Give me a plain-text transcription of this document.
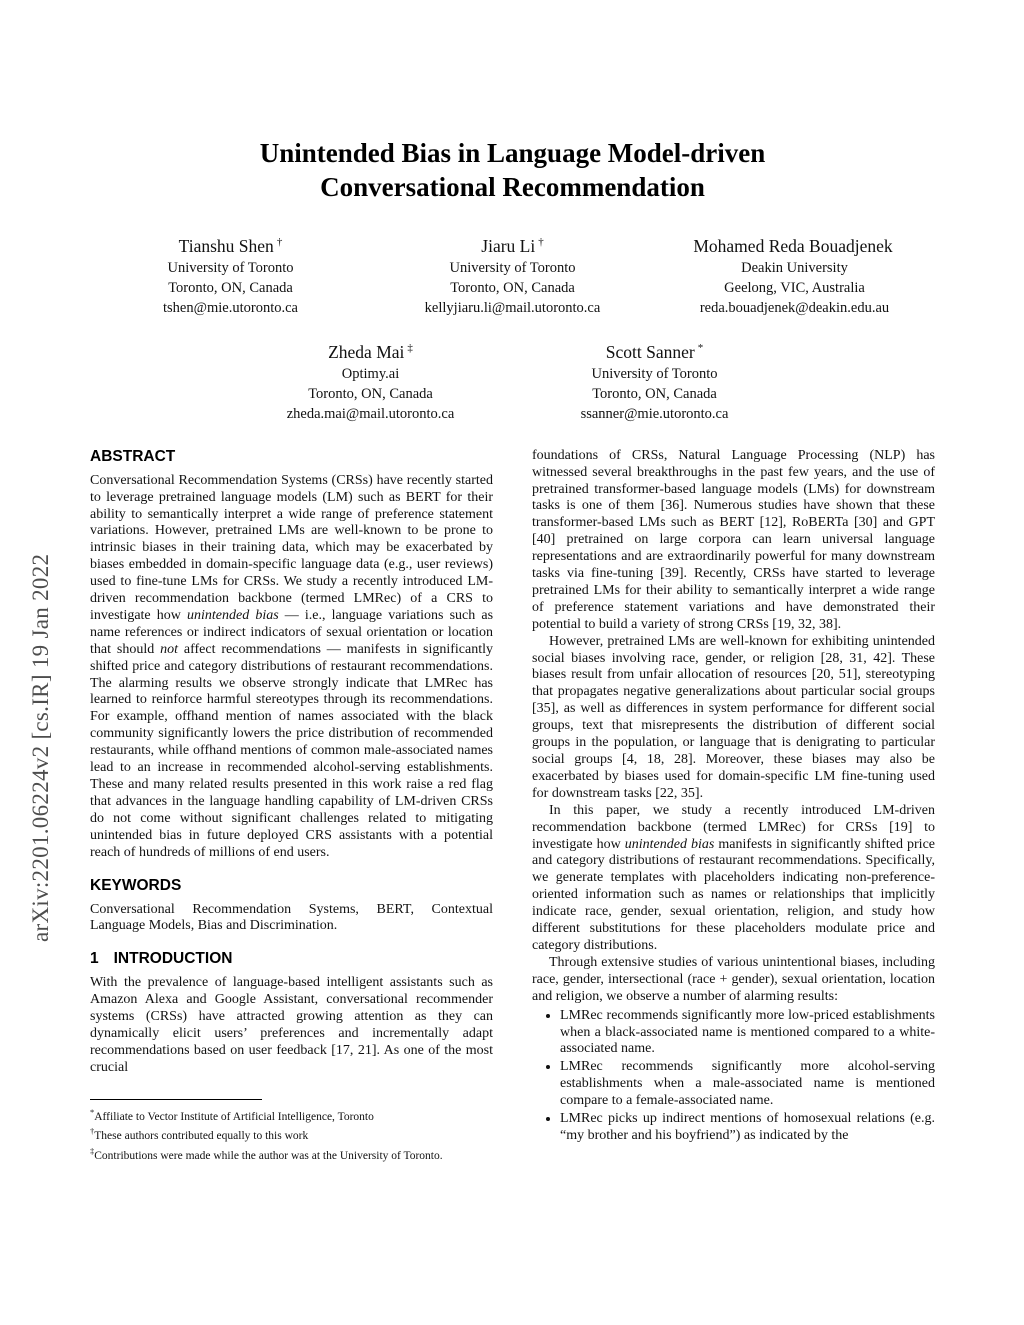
arXiv:2201.06224v2 [cs.IR] 19 Jan 2022
Unintended Bias in Language Model-driven
Conversational Recommendation
Tianshu Shen †
University of Toronto
Toronto, ON, Canada
tshen@mie.utoronto.ca
Jiaru Li †
University of Toronto
Toronto, ON, Canada
kellyjiaru.li@mail.utoronto.ca
Mohamed Reda Bouadjenek
Deakin University
Geelong, VIC, Australia
reda.bouadjenek@deakin.edu.au
Zheda Mai ‡
Optimy.ai
Toronto, ON, Canada
zheda.mai@mail.utoronto.ca
Scott Sanner *
University of Toronto
Toronto, ON, Canada
ssanner@mie.utoronto.ca
ABSTRACT

Conversational Recommendation Systems (CRSs) have recently started to leverage pretrained language models (LM) such as BERT for their ability to semantically interpret a wide range of preference statement variations. However, pretrained LMs are well-known to be prone to intrinsic biases in their training data, which may be exacerbated by biases embedded in domain-specific language data (e.g., user reviews) used to fine-tune LMs for CRSs. We study a recently introduced LM-driven recommendation backbone (termed LMRec) of a CRS to investigate how unintended bias — i.e., language variations such as name references or indirect indicators of sexual orientation or location that should not affect recommendations — manifests in significantly shifted price and category distributions of restaurant recommendations. The alarming results we observe strongly indicate that LMRec has learned to reinforce harmful stereotypes through its recommendations. For example, offhand mention of names associated with the black community significantly lowers the price distribution of recommended restaurants, while offhand mentions of common male-associated names lead to an increase in recommended alcohol-serving establishments. These and many related results presented in this work raise a red flag that advances in the language handling capability of LM-driven CRSs do not come without significant challenges related to mitigating unintended bias in future deployed CRS assistants with a potential reach of hundreds of millions of end users.

KEYWORDS

Conversational Recommendation Systems, BERT, Contextual Language Models, Bias and Discrimination.

1 INTRODUCTION

With the prevalence of language-based intelligent assistants such as Amazon Alexa and Google Assistant, conversational recommender systems (CRSs) have attracted growing attention as they can dynamically elicit users’ preferences and incrementally adapt recommendations based on user feedback [17, 21]. As one of the most crucial

*Affiliate to Vector Institute of Artificial Intelligence, Toronto
†These authors contributed equally to this work
‡Contributions were made while the author was at the University of Toronto.

foundations of CRSs, Natural Language Processing (NLP) has witnessed several breakthroughs in the past few years, and the use of pretrained transformer-based language models (LMs) for downstream tasks is one of them [36]. Numerous studies have shown that these transformer-based LMs such as BERT [12], RoBERTa [30] and GPT [40] pretrained on large corpora can learn universal language representations and are extraordinarily powerful for many downstream tasks via fine-tuning [39]. Recently, CRSs have started to leverage pretrained LMs for their ability to semantically interpret a wide range of preference statement variations and have demonstrated their potential to build a variety of strong CRSs [19, 32, 38].

However, pretrained LMs are well-known for exhibiting unintended social biases involving race, gender, or religion [28, 31, 42]. These biases result from unfair allocation of resources [20, 51], stereotyping that propagates negative generalizations about particular social groups [35], as well as differences in system performance for different social groups, text that misrepresents the distribution of different social groups in the population, or language that is denigrating to particular social groups [4, 18, 28]. Moreover, these biases may also be exacerbated by biases used for domain-specific LM fine-tuning used for downstream tasks [22, 35].

In this paper, we study a recently introduced LM-driven recommendation backbone (termed LMRec) for CRSs [19] to investigate how unintended bias manifests in significantly shifted price and category distributions of restaurant recommendations. Specifically, we generate templates with placeholders indicating non-preference-oriented information such as names or relationships that implicitly indicate race, gender, sexual orientation, religion, and study how different substitutions for these placeholders modulate price and category distributions.

Through extensive studies of various unintentional biases, including race, gender, intersectional (race + gender), sexual orientation, location and religion, we observe a number of alarming results:

• LMRec recommends significantly more low-priced establishments when a black-associated name is mentioned compared to a white-associated name.
• LMRec recommends significantly more alcohol-serving establishments when a male-associated name is mentioned compare to a female-associated name.
• LMRec picks up indirect mentions of homosexual relations (e.g. “my brother and his boyfriend”) as indicated by the
